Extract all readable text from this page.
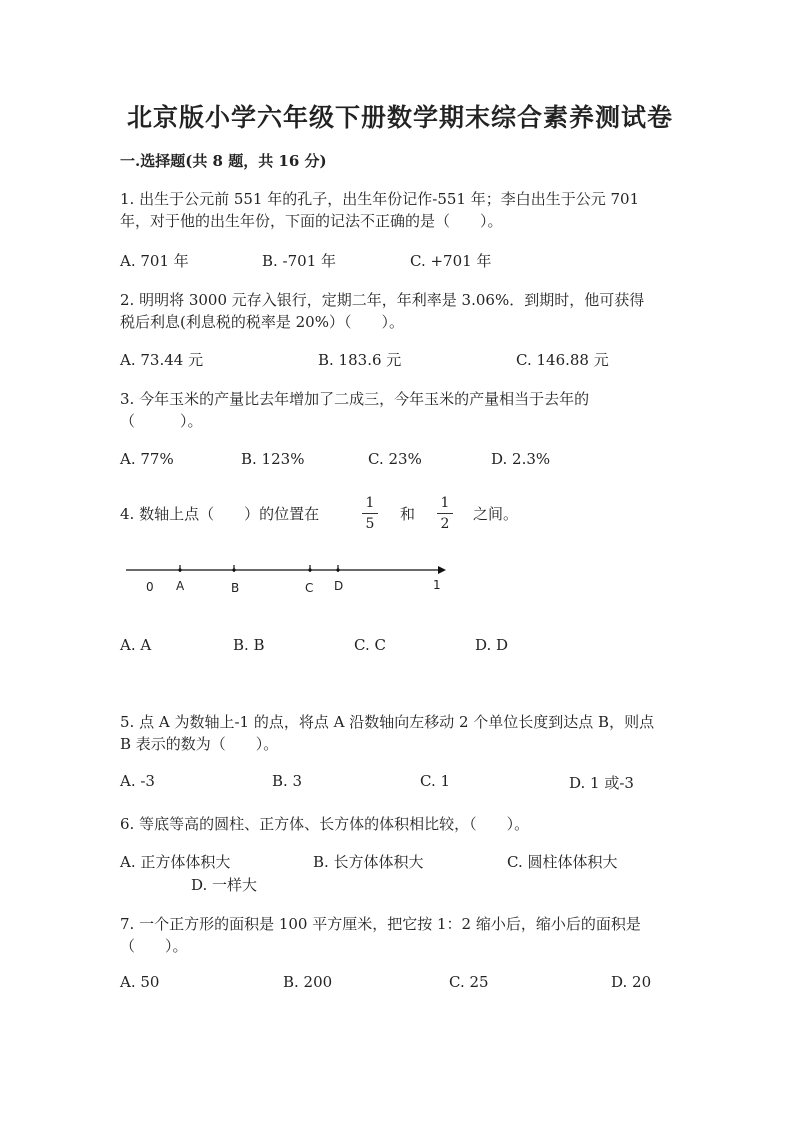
北京版小学六年级下册数学期末综合素养测试卷
一.选择题(共 8 题，共 16 分)
1. 出生于公元前 551 年的孔子，出生年份记作-551 年；李白出生于公元 701
年，对于他的出生年份，下面的记法不正确的是（　　）。
A. 701 年	B. -701 年	C. +701 年
2. 明明将 3000 元存入银行，定期二年，年利率是 3.06%．到期时，他可获得
税后利息(利息税的税率是 20%）（　　）。
A. 73.44 元	B. 183.6 元	C. 146.88 元
3. 今年玉米的产量比去年增加了二成三，今年玉米的产量相当于去年的
（　　　）。
A. 77%	B. 123%	C. 23%	D. 2.3%
4. 数轴上点（　　）的位置在
1
5
和
1
2
之间。
0 A	B	C D	1
A. A	B. B	C. C	D. D
5. 点 A 为数轴上-1 的点，将点 A 沿数轴向左移动 2 个单位长度到达点 B，则点
B 表示的数为（　　）。
A. -3	B. 3	C. 1	D. 1 或-3
6. 等底等高的圆柱、正方体、长方体的体积相比较，（　　）。
A. 正方体体积大	B. 长方体体积大	C. 圆柱体体积大
D. 一样大
7. 一个正方形的面积是 100 平方厘米，把它按 1：2 缩小后，缩小后的面积是
（　　）。
A. 50	B. 200	C. 25	D. 20
